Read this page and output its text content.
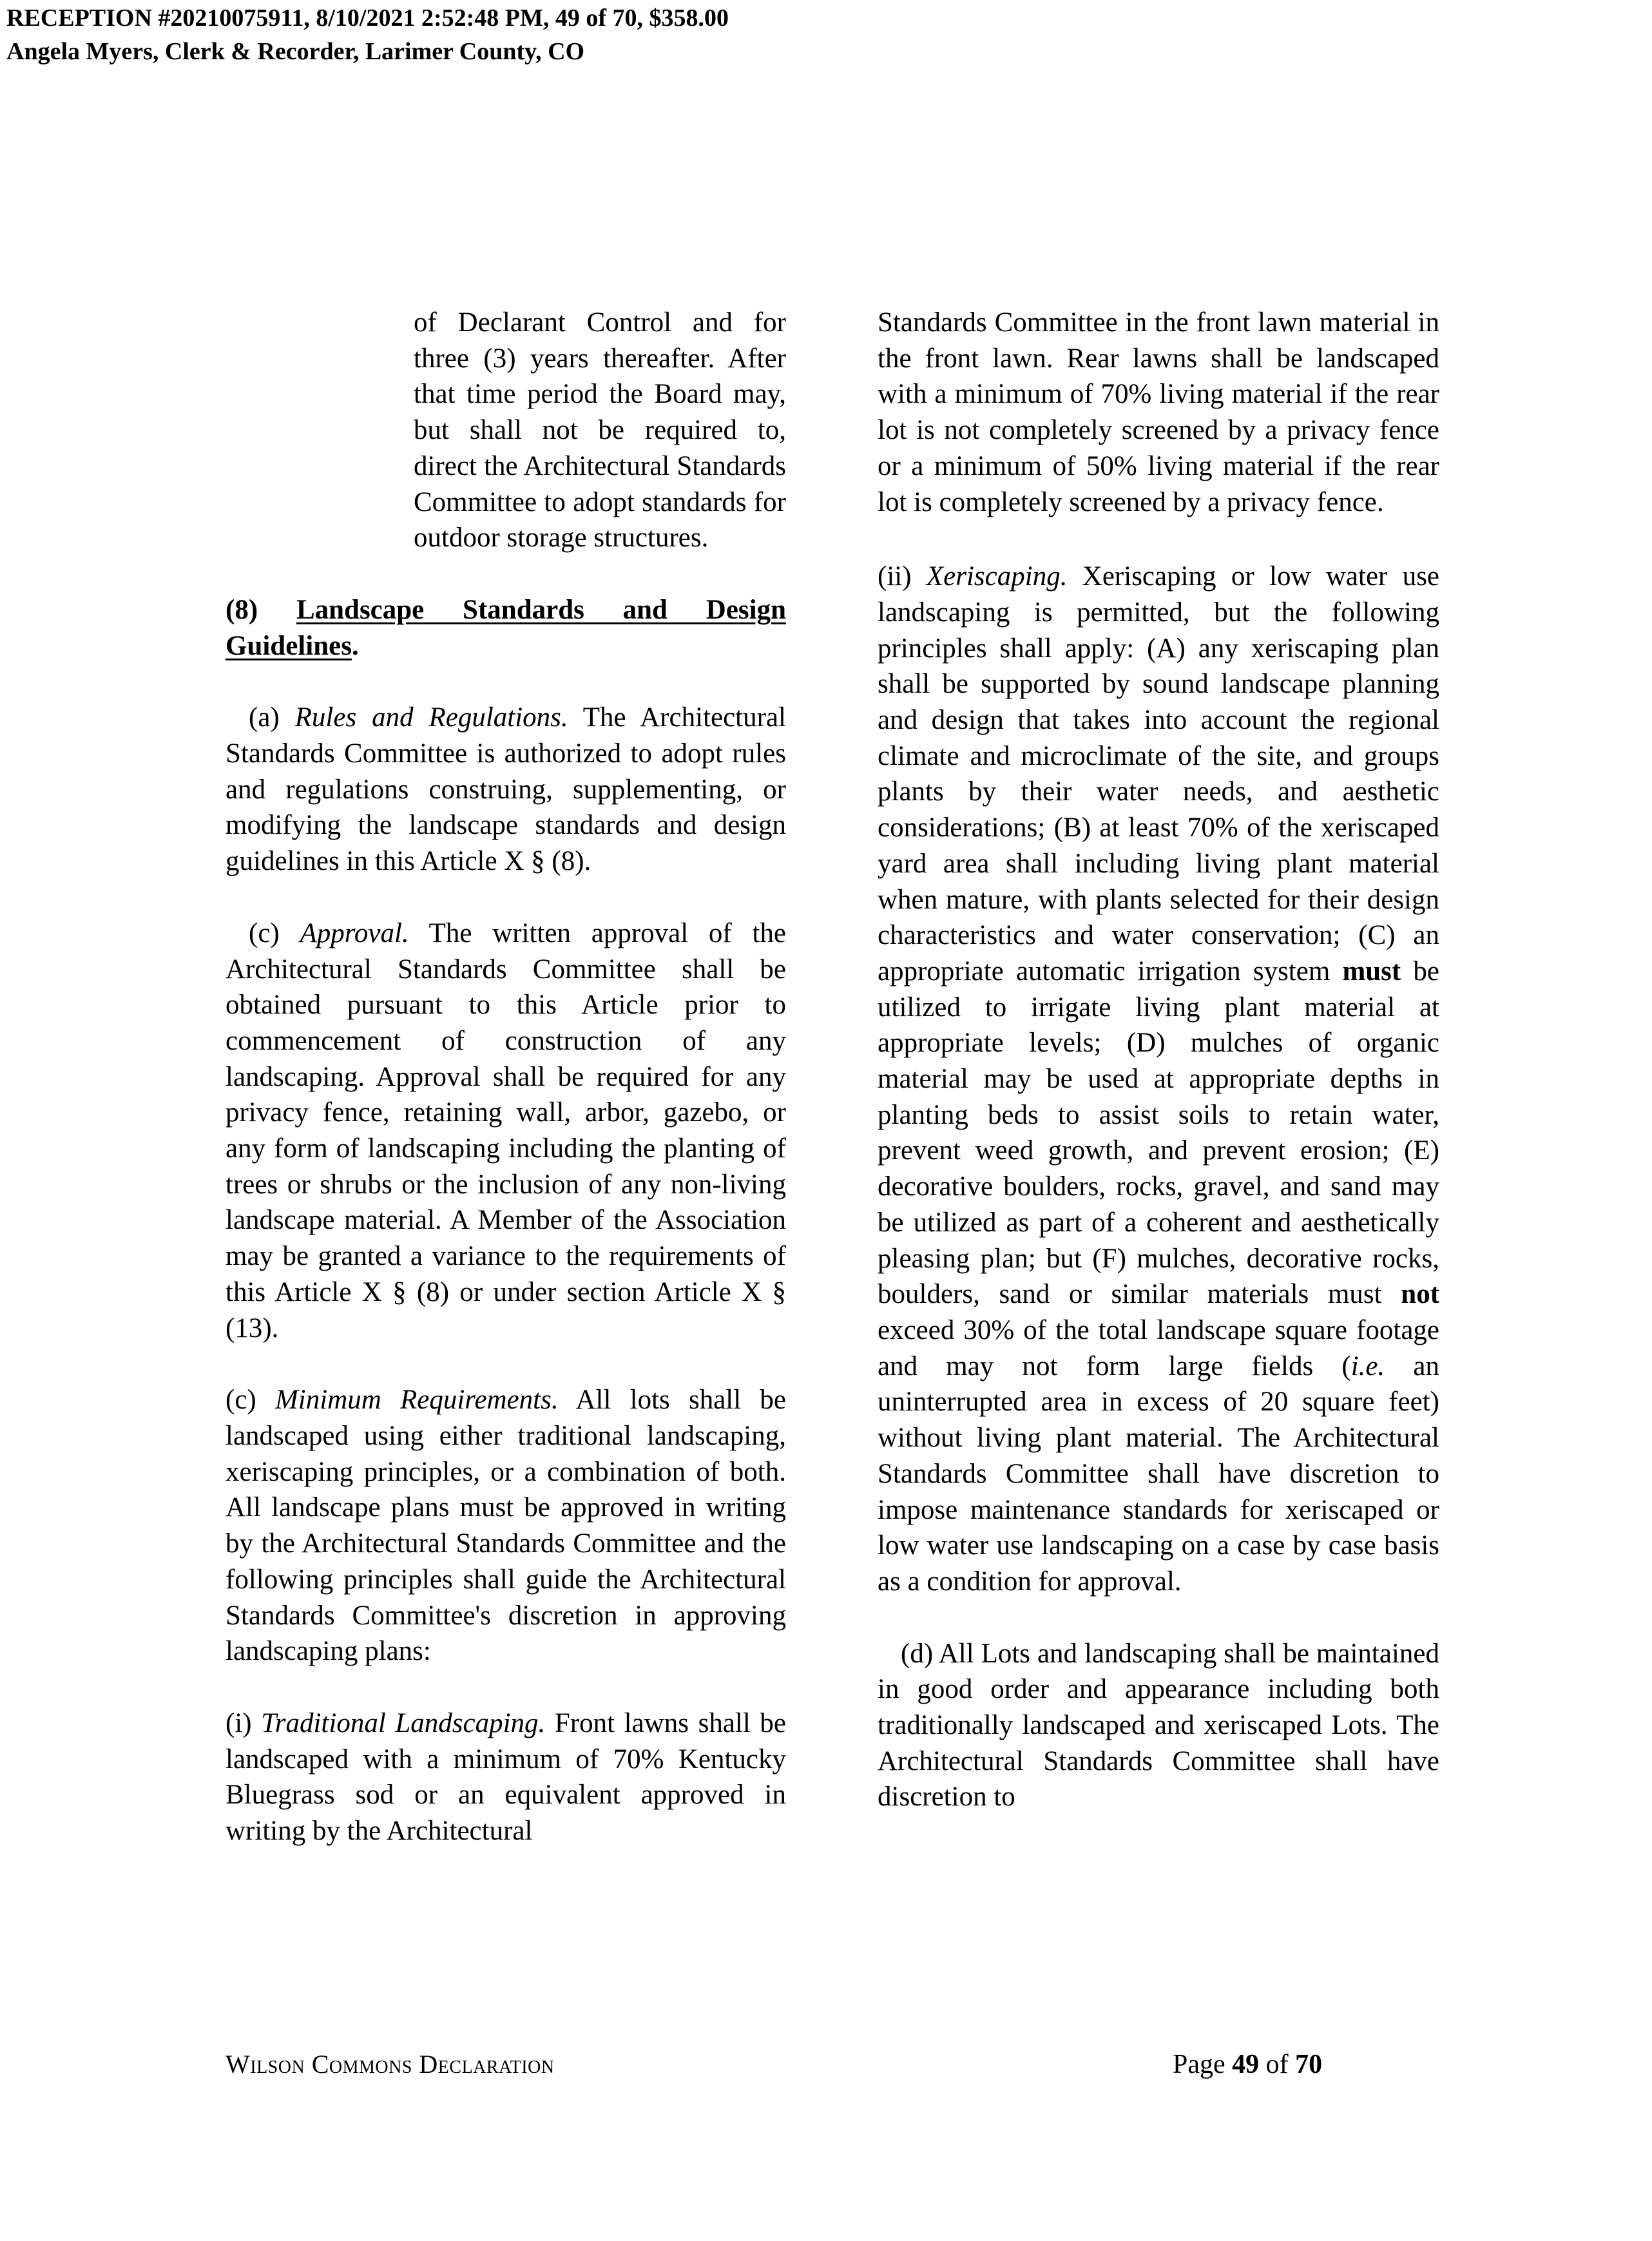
RECEPTION #20210075911, 8/10/2021 2:52:48 PM, 49 of 70, $358.00
Angela Myers, Clerk & Recorder, Larimer County, CO

of Declarant Control and for three (3) years thereafter. After that time period the Board may, but shall not be required to, direct the Architectural Standards Committee to adopt standards for outdoor storage structures.

(8) Landscape Standards and Design Guidelines.

(a) Rules and Regulations. The Architectural Standards Committee is authorized to adopt rules and regulations construing, supplementing, or modifying the landscape standards and design guidelines in this Article X § (8).

(c) Approval. The written approval of the Architectural Standards Committee shall be obtained pursuant to this Article prior to commencement of construction of any landscaping. Approval shall be required for any privacy fence, retaining wall, arbor, gazebo, or any form of landscaping including the planting of trees or shrubs or the inclusion of any non-living landscape material. A Member of the Association may be granted a variance to the requirements of this Article X § (8) or under section Article X § (13).

(c) Minimum Requirements. All lots shall be landscaped using either traditional landscaping, xeriscaping principles, or a combination of both. All landscape plans must be approved in writing by the Architectural Standards Committee and the following principles shall guide the Architectural Standards Committee's discretion in approving landscaping plans:

(i) Traditional Landscaping. Front lawns shall be landscaped with a minimum of 70% Kentucky Bluegrass sod or an equivalent approved in writing by the Architectural

Standards Committee in the front lawn material in the front lawn. Rear lawns shall be landscaped with a minimum of 70% living material if the rear lot is not completely screened by a privacy fence or a minimum of 50% living material if the rear lot is completely screened by a privacy fence.

(ii) Xeriscaping. Xeriscaping or low water use landscaping is permitted, but the following principles shall apply: (A) any xeriscaping plan shall be supported by sound landscape planning and design that takes into account the regional climate and microclimate of the site, and groups plants by their water needs, and aesthetic considerations; (B) at least 70% of the xeriscaped yard area shall including living plant material when mature, with plants selected for their design characteristics and water conservation; (C) an appropriate automatic irrigation system must be utilized to irrigate living plant material at appropriate levels; (D) mulches of organic material may be used at appropriate depths in planting beds to assist soils to retain water, prevent weed growth, and prevent erosion; (E) decorative boulders, rocks, gravel, and sand may be utilized as part of a coherent and aesthetically pleasing plan; but (F) mulches, decorative rocks, boulders, sand or similar materials must not exceed 30% of the total landscape square footage and may not form large fields (i.e. an uninterrupted area in excess of 20 square feet) without living plant material. The Architectural Standards Committee shall have discretion to impose maintenance standards for xeriscaped or low water use landscaping on a case by case basis as a condition for approval.

(d) All Lots and landscaping shall be maintained in good order and appearance including both traditionally landscaped and xeriscaped Lots. The Architectural Standards Committee shall have discretion to

Wilson Commons Declaration	Page 49 of 70
